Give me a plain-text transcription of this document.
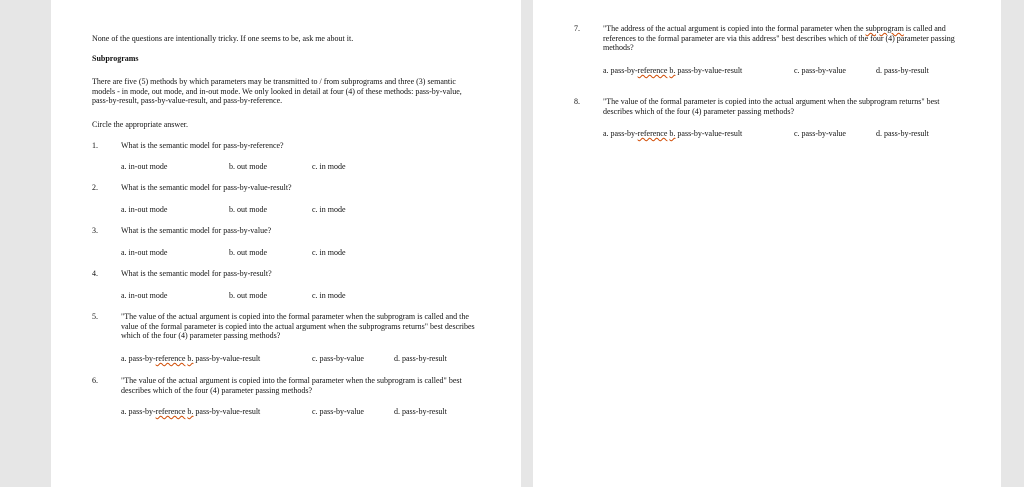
None of the questions are intentionally tricky. If one seems to be, ask me about it.
Subprograms
There are five (5) methods by which parameters may be transmitted to / from subprograms and three (3) semantic models - in mode, out mode, and in-out mode. We only looked in detail at four (4) of these methods: pass-by-value, pass-by-result, pass-by-value-result, and pass-by-reference.
Circle the appropriate answer.
1.	What is the semantic model for pass-by-reference?
a. in-out mode	b. out mode	c. in mode
2.	What is the semantic model for pass-by-value-result?
a. in-out mode	b. out mode	c. in mode
3.	What is the semantic model for pass-by-value?
a. in-out mode	b. out mode	c. in mode
4.	What is the semantic model for pass-by-result?
a. in-out mode	b. out mode	c. in mode
5.	"The value of the actual argument is copied into the formal parameter when the subprogram is called and the value of the formal parameter is copied into the actual argument when the subprograms returns" best describes which of the four (4) parameter passing methods?
a. pass-by-reference b. pass-by-value-result	c. pass-by-value	d. pass-by-result
6.	"The value of the actual argument is copied into the formal parameter when the subprogram is called" best describes which of the four (4) parameter passing methods?
a. pass-by-reference b. pass-by-value-result	c. pass-by-value	d. pass-by-result
7.	"The address of the actual argument is copied into the formal parameter when the subprogram is called and references to the formal parameter are via this address" best describes which of the four (4) parameter passing methods?
a. pass-by-reference b. pass-by-value-result	c. pass-by-value	d. pass-by-result
8.	"The value of the formal parameter is copied into the actual argument when the subprogram returns" best describes which of the four (4) parameter passing methods?
a. pass-by-reference b. pass-by-value-result	c. pass-by-value	d. pass-by-result
